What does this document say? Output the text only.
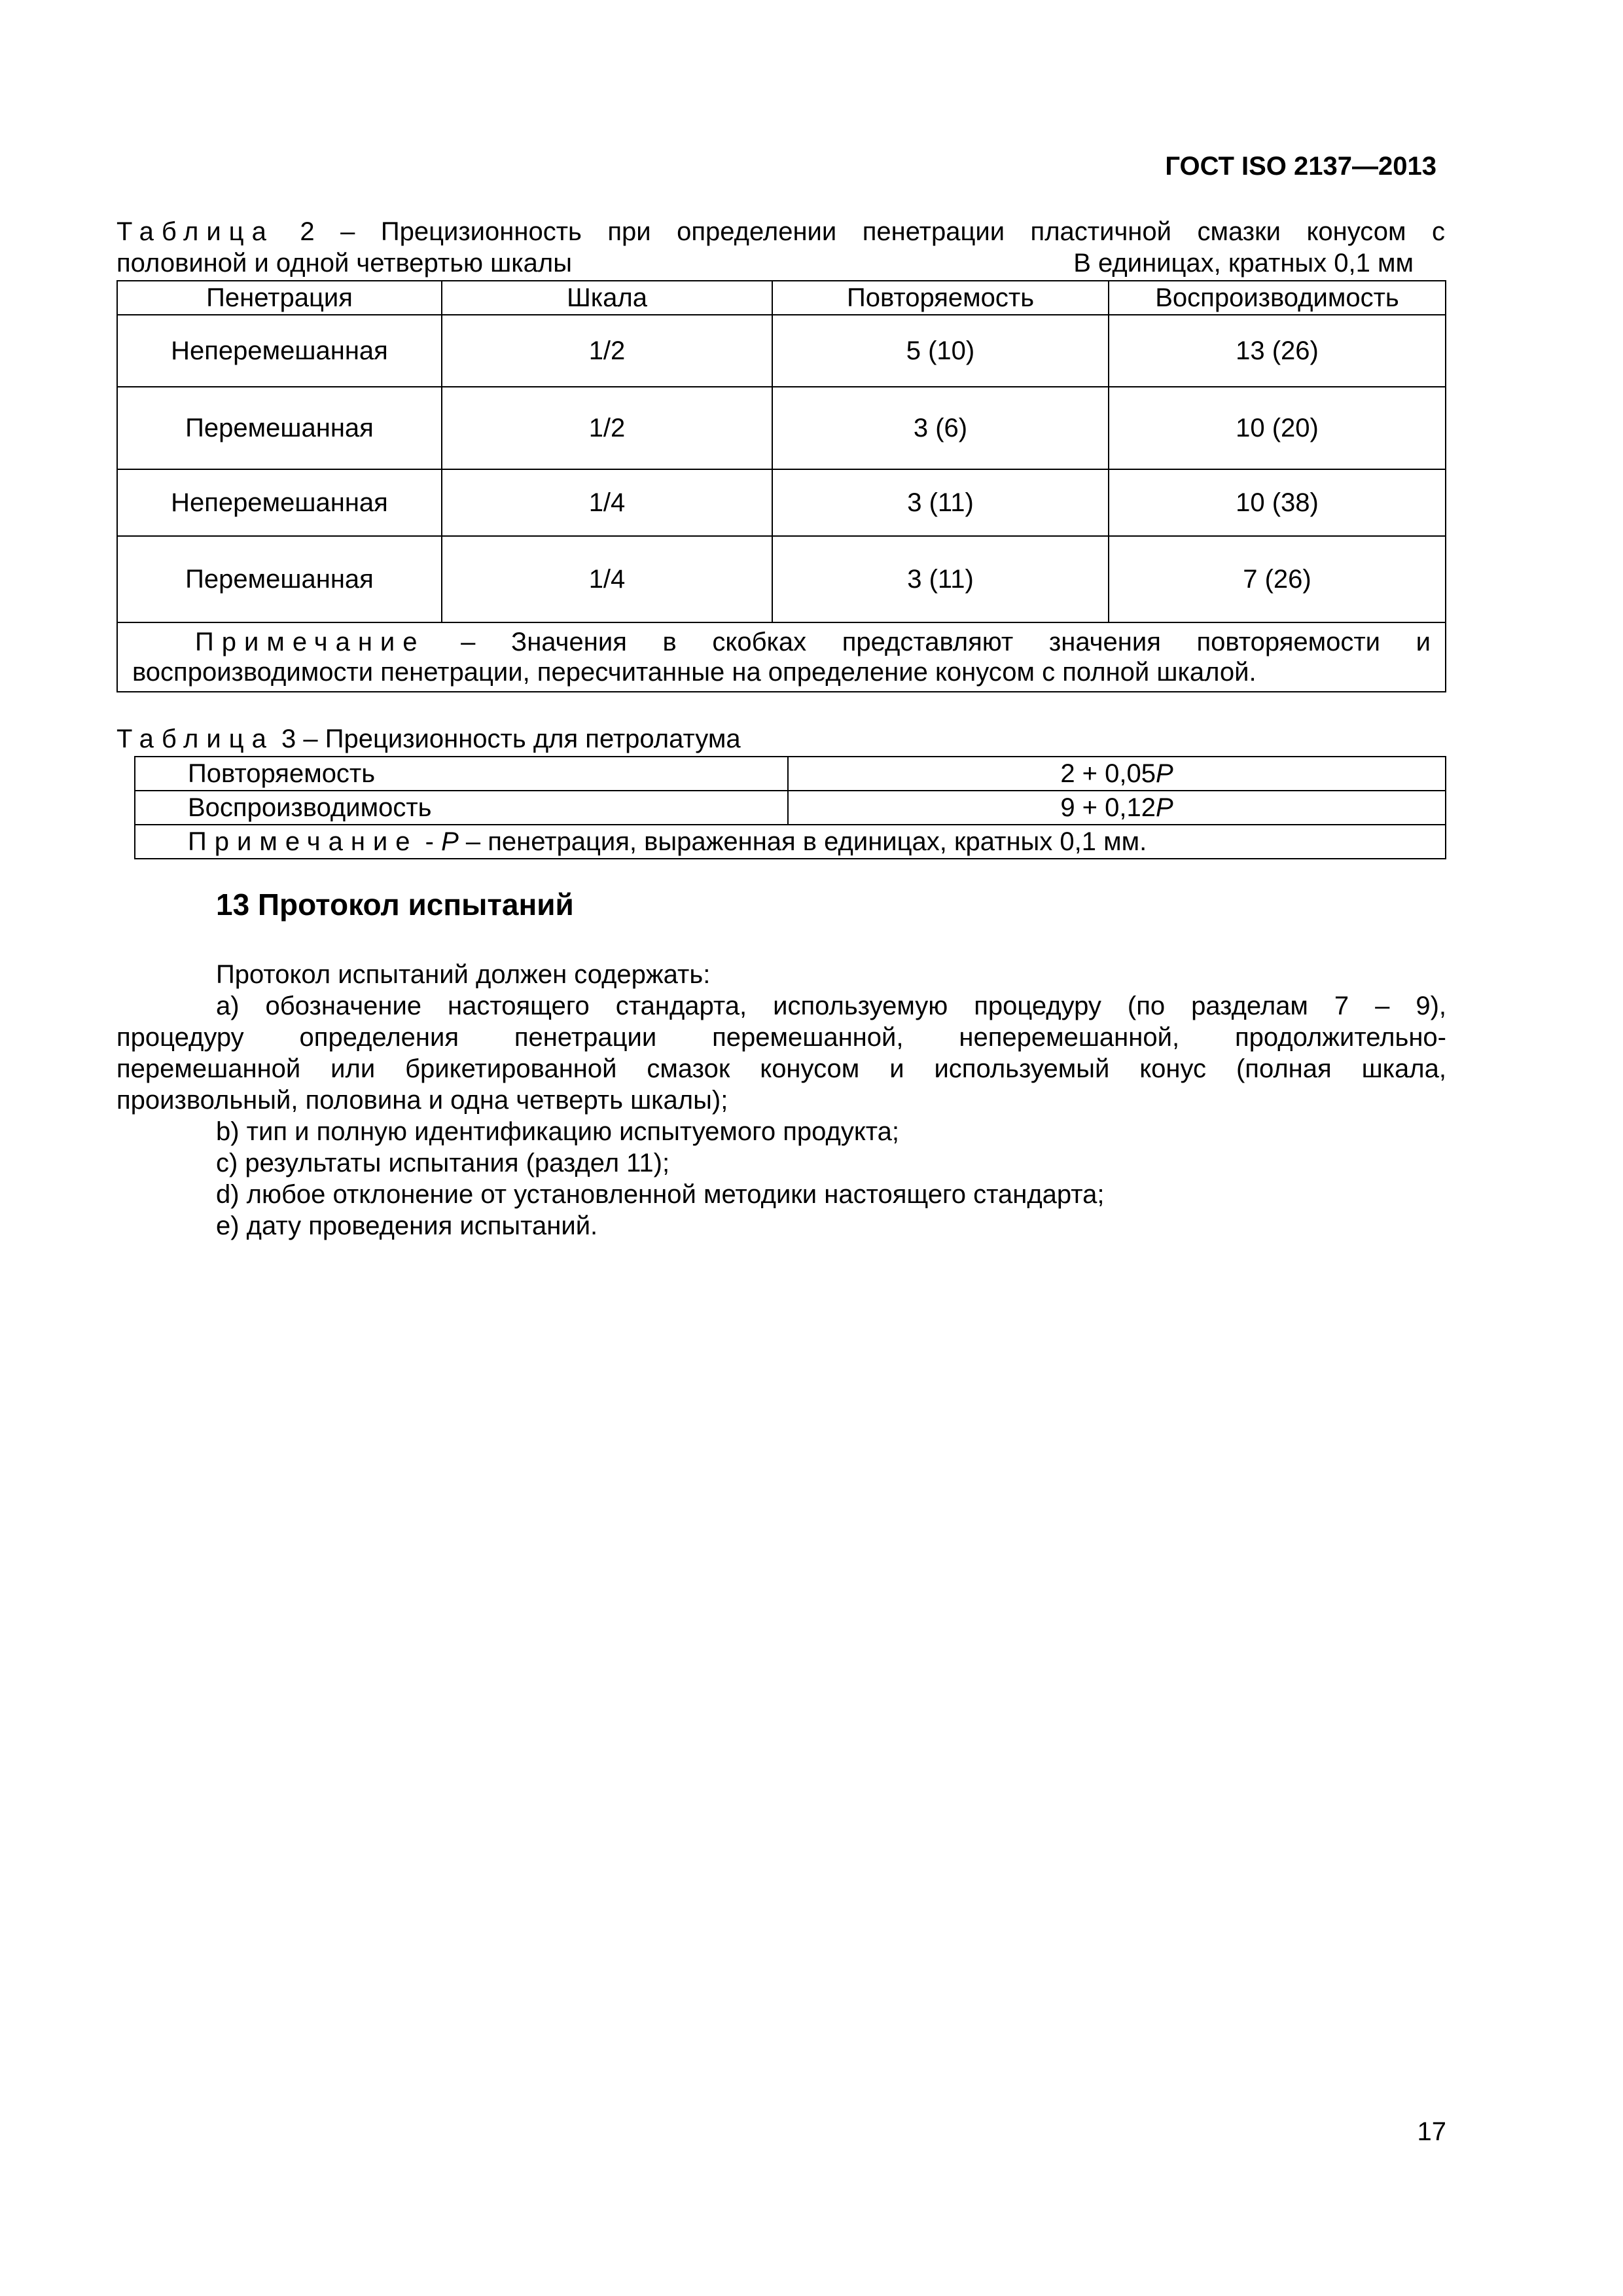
ГОСТ ISO 2137—2013
Таблица 2 – Прецизионность при определении пенетрации пластичной смазки конусом с
половиной и одной четвертью шкалы	В единицах, кратных 0,1 мм
Пенетрация	Шкала	Повторяемость	Воспроизводимость
Неперемешанная	1/2	5 (10)	13 (26)
Перемешанная	1/2	3 (6)	10 (20)
Неперемешанная	1/4	3 (11)	10 (38)
Перемешанная	1/4	3 (11)	7 (26)

Примечание – Значения в скобках представляют значения повторяемости и
воспроизводимости пенетрации, пересчитанные на определение конусом с полной шкалой.			
Таблица 3 – Прецизионность для петролатума
Повторяемость	2 + 0,05P
Воспроизводимость	9 + 0,12P
Примечание - P – пенетрация, выраженная в единицах, кратных 0,1 мм.	
13 Протокол испытаний
Протокол испытаний должен содержать:
а) обозначение настоящего стандарта, используемую процедуру (по разделам 7 – 9),
процедуру определения пенетрации перемешанной, неперемешанной, продолжительно-
перемешанной или брикетированной смазок конусом и используемый конус (полная шкала,
произвольный, половина и одна четверть шкалы);
b) тип и полную идентификацию испытуемого продукта;
с) результаты испытания (раздел 11);
d) любое отклонение от установленной методики настоящего стандарта;
е) дату проведения испытаний.
17
